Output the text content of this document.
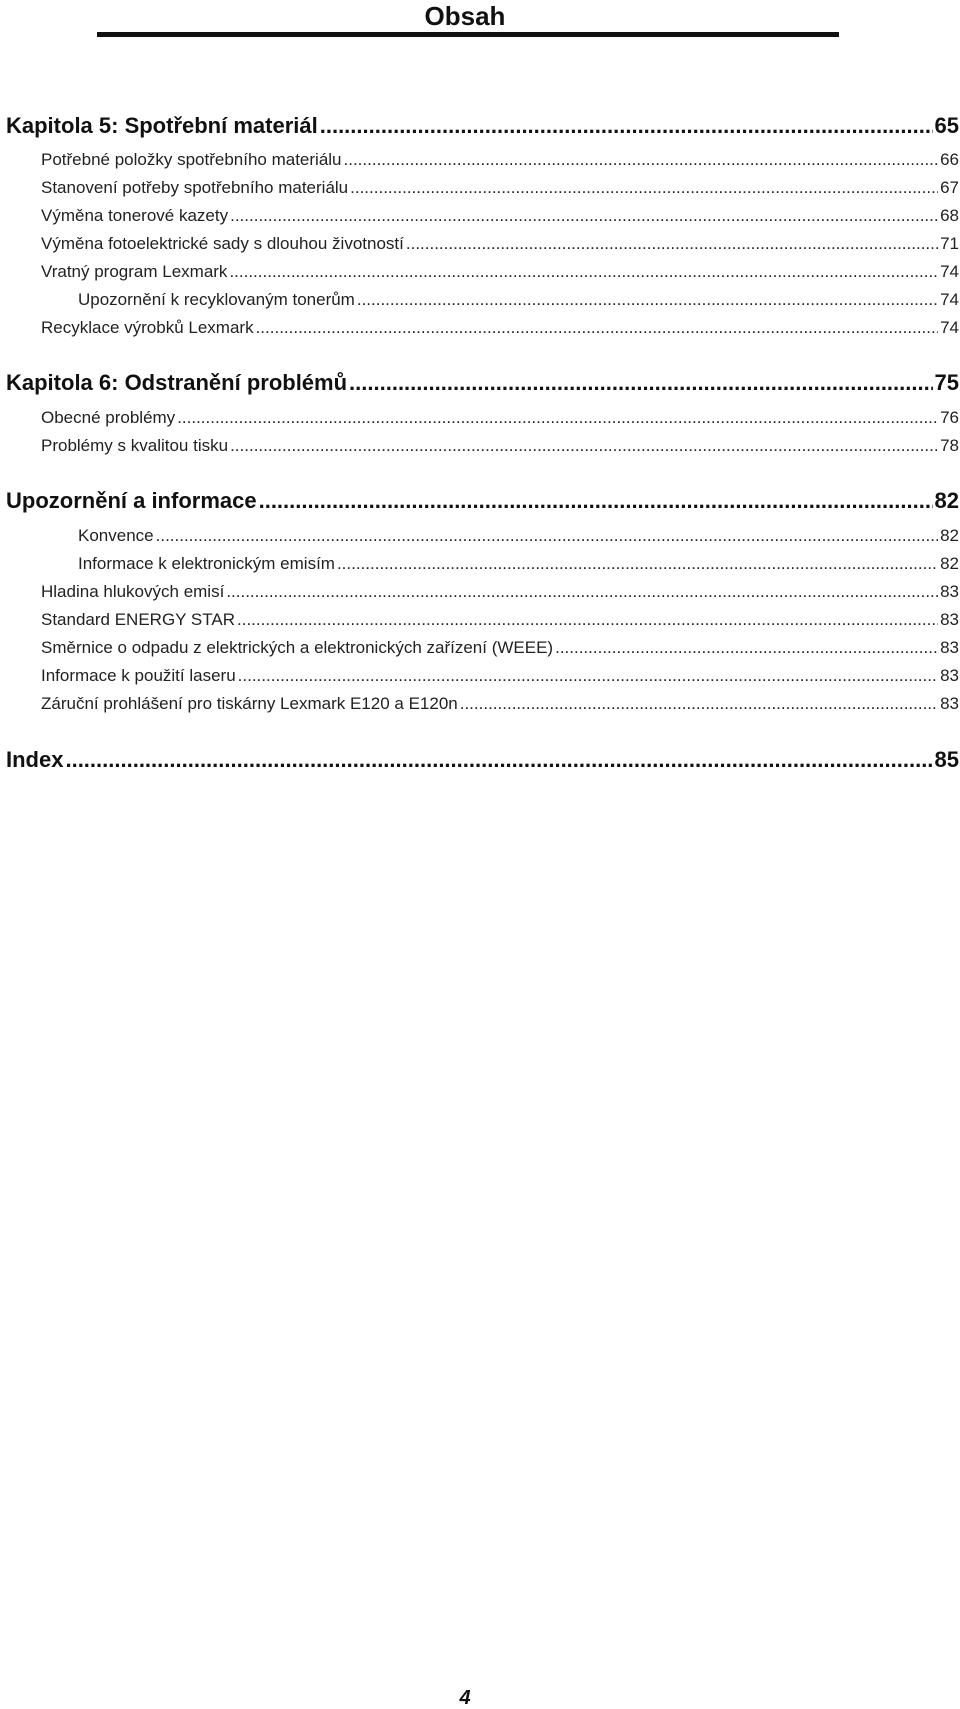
Obsah
Kapitola 5: Spotřební materiál .....	65
Potřebné položky spotřebního materiálu .....	66
Stanovení potřeby spotřebního materiálu .....	67
Výměna tonerové kazety .....	68
Výměna fotoelektrické sady s dlouhou životností .....	71
Vratný program Lexmark .....	74
Upozornění k recyklovaným tonerům .....	74
Recyklace výrobků Lexmark .....	74
Kapitola 6: Odstranění problémů .....	75
Obecné problémy .....	76
Problémy s kvalitou tisku .....	78
Upozornění a informace .....	82
Konvence .....	82
Informace k elektronickým emisím .....	82
Hladina hlukových emisí .....	83
Standard ENERGY STAR .....	83
Směrnice o odpadu z elektrických a elektronických zařízení (WEEE) .....	83
Informace k použití laseru .....	83
Záruční prohlášení pro tiskárny Lexmark E120 a E120n .....	83
Index .....	85
4
